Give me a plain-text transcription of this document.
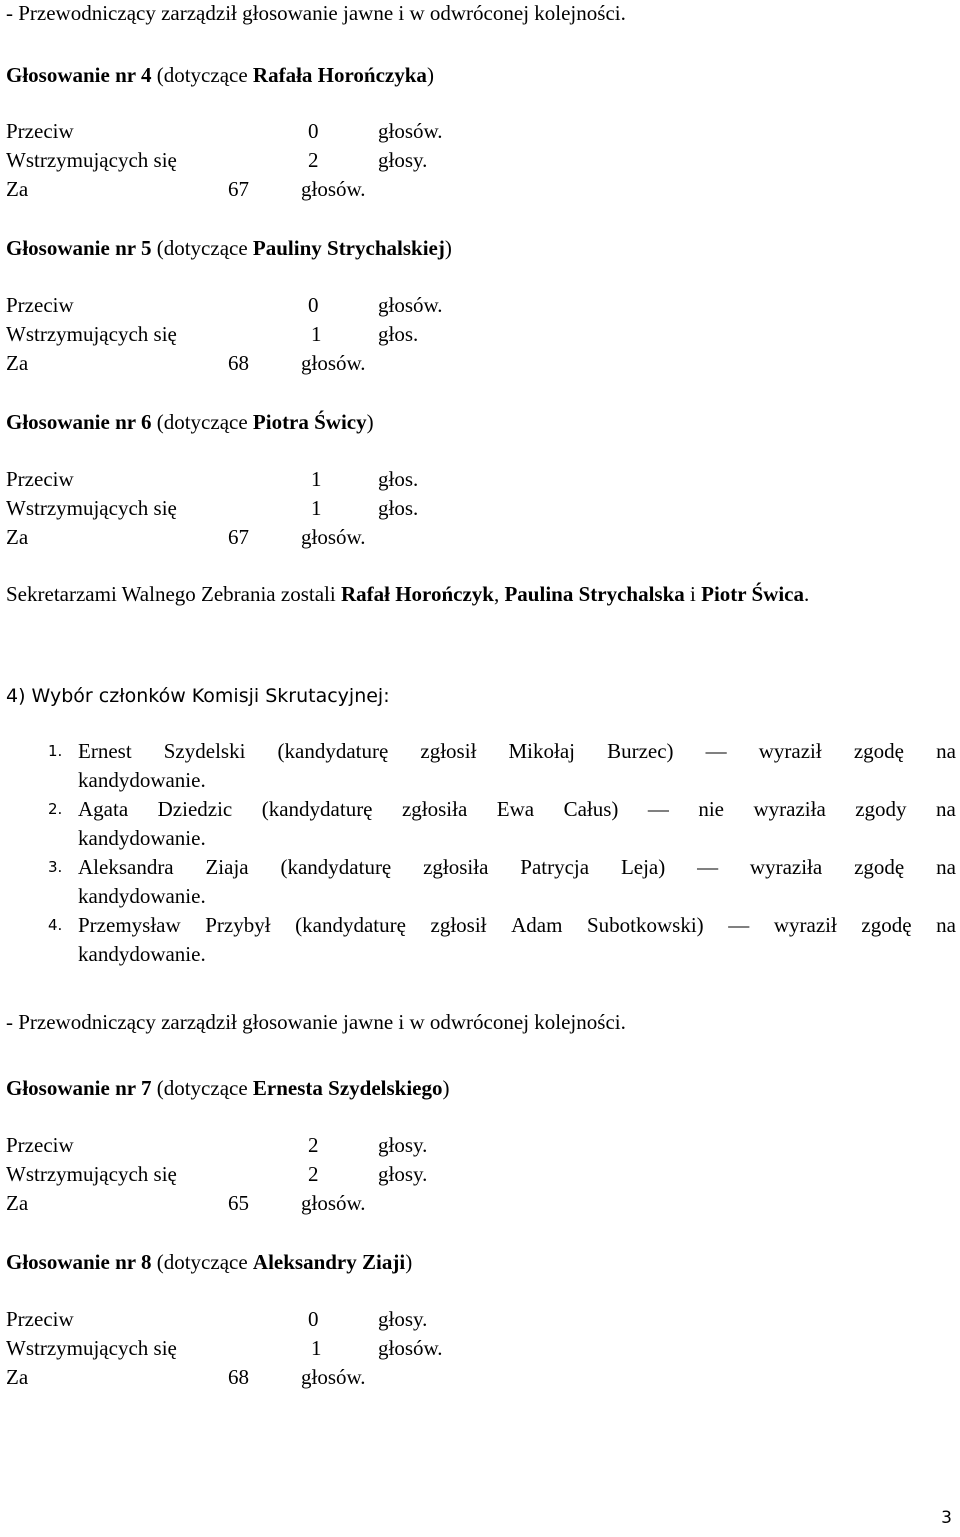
- Przewodniczący zarządził głosowanie jawne i w odwróconej kolejności.

Głosowanie nr 4 (dotyczące Rafała Horończyka)

Przeciw	0	głosów.
Wstrzymujących się	2	głosy.
Za	67 głosów.

Głosowanie nr 5 (dotyczące Pauliny Strychalskiej)

Przeciw	0	głosów.
Wstrzymujących się	1	głos.
Za	68 głosów.

Głosowanie nr 6 (dotyczące Piotra Świcy)

Przeciw	1	głos.
Wstrzymujących się	1	głos.
Za	67 głosów.

Sekretarzami Walnego Zebrania zostali Rafał Horończyk, Paulina Strychalska i Piotr Świca.

4) Wybór członków Komisji Skrutacyjnej:

1. Ernest Szydelski (kandydaturę zgłosił Mikołaj Burzec) — wyraził zgodę na
kandydowanie.
2. Agata Dziedzic (kandydaturę zgłosiła Ewa Całus) — nie wyraziła zgody na
kandydowanie.
3. Aleksandra Ziaja (kandydaturę zgłosiła Patrycja Leja) — wyraziła zgodę na
kandydowanie.
4. Przemysław Przybył (kandydaturę zgłosił Adam Subotkowski) — wyraził zgodę na
kandydowanie.

- Przewodniczący zarządził głosowanie jawne i w odwróconej kolejności.

Głosowanie nr 7 (dotyczące Ernesta Szydelskiego)

Przeciw	2	głosy.
Wstrzymujących się	2	głosy.
Za	65 głosów.

Głosowanie nr 8 (dotyczące Aleksandry Ziaji)

Przeciw	0	głosy.
Wstrzymujących się	1	głosów.
Za	68 głosów.
3
